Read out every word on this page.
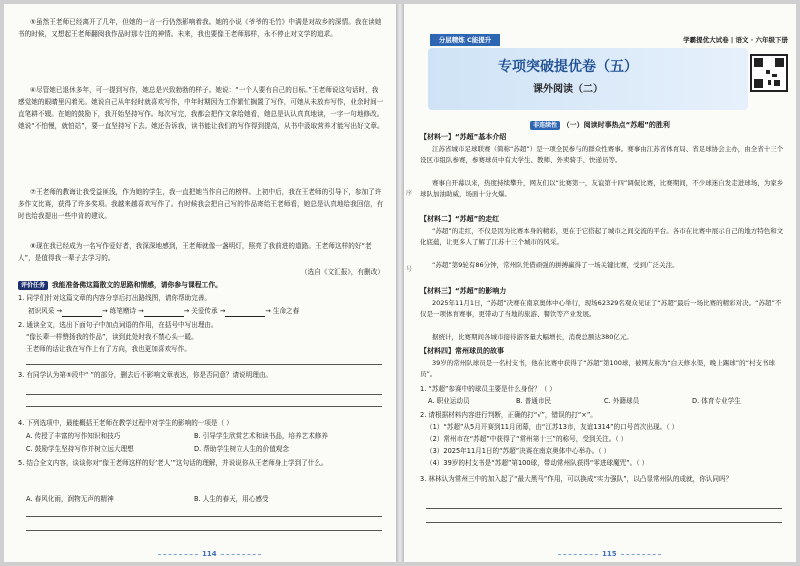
⑤虽然王老师已经离开了几年，但她的一言一行仍然影响着我。她的小说《爷爷的毛竹》中满是对故乡的深情。我在读她书的时候，又想起王老师翻阅我作品时那专注的神情。未来，我也要像王老师那样，永不停止对文学的追求。
⑥尽管她已退休多年，可一提到写作，她总是兴致勃勃的样子。她说：“一个人要有自己的目标。”王老师说这句话时，我感觉她的眼睛里闪着光。她说自己从年轻时就喜欢写作，中年时期因为工作繁忙搁置了写作，可她从未放弃写作，业余时间一直笔耕不辍。在她的鼓励下，我开始坚持写作。每次写完，我都会把作文拿给她看，她总是认认真真地读，一字一句地修改。她说“不怕慢，就怕站”，要一直坚持写下去。她还告诉我，读书能让我们的写作得到提高，从书中汲取营养才能写出好文章。
⑦王老师的教诲让我受益匪浅，作为她的学生，我一直把她当作自己的榜样。上初中后，我在王老师的引导下，参加了许多作文比赛，获得了许多奖项。我越来越喜欢写作了。有时候我会把自己写的作品寄给王老师看，她总是认真地给我回信，有时也给我提出一些中肯的建议。
⑧现在我已经成为一名写作爱好者，我深深地感到，王老师就像一盏明灯，照亮了我前进的道路。王老师这样的好“老人”，是值得我一辈子去学习的。
（选自《文汇报》，有删改）
评价任务 我能准备佛这篇散文的思路和情感，请你参与课程工作。
1. 同学们针对这篇文章的内容分享后打出路线图，请你帮助完善。
初识风采 →	→ 练笔赠诗 →	→ 关爱传承 →	→ 生命之春
2. 通读全文，选出下面句子中加点词语的作用，在括号中写出理由。
“像长辈一样赞扬我的作品”，读到此处时我不禁心头一暖。
王老师的话让我在写作上有了方向，我也更加喜欢写作。
3. 有同学认为第⑤段中“ ”的部分，删去后不影响文章表达，你是否同意？请说明理由。
4. 下列选项中，最能概括王老师在教学过程中对学生的影响的一项是（ ）
A. 传授了丰富的写作知识和技巧	B. 引导学生欣赏艺术和读书品，培养艺术修养
C. 鼓励学生坚持写作并树立远大理想	D. 帮助学生树立人生的价值观念
5. 结合全文内容，谈谈你对“像王老师这样的好‘老人’”这句话的理解，并说说你从王老师身上学到了什么。
A. 春风化雨，润物无声的精神	B. 人生的春天，用心感受
114
序
号
分层精炼 C能提升	学霸提优大试卷 | 语文 · 六年级下册
专项突破提优卷（五）
课外阅读（二）
非连续性 （一）阅读时事热点“苏超”的胜利
【材料一】“苏超”基本介绍
江苏省城市足球联赛（简称“苏超”）是一项全民参与的群众性赛事。赛事由江苏省体育局、省足球协会主办，由全省十三个设区市组队参赛，参赛球员中有大学生、教师、外卖骑手、快递员等。
赛事自开幕以来，热度持续攀升，网友们以“比赛第一，友谊第十四”调侃比赛，比赛期间，不少球迷自发走进球场，为家乡球队加油助威，场面十分火爆。
【材料二】“苏超”的走红
“苏超”的走红，不仅是因为比赛本身的精彩，更在于它搭起了城市之间交流的平台。各市在比赛中展示自己的地方特色和文化底蕴，让更多人了解了江苏十三个城市的风采。
“苏超”第9轮有86分钟，常州队凭借顽强的拼搏赢得了一场关键比赛，受到广泛关注。
【材料三】“苏超”的影响力
2025年11月1日，“苏超”决赛在南京奥体中心举行，现场62329名观众见证了“苏超”最后一场比赛的精彩对决。“苏超”不仅是一项体育赛事，更带动了当地的旅游、餐饮等产业发展。
据统计，比赛期间各城市接待游客量大幅增长，消费总额达380亿元。
【材料四】常州球员的故事
39岁的常州队球员是一名村支书，他在比赛中获得了“苏超”第100球，被网友称为“白天修水渠，晚上踢球”的“村支书球员”。
1. “苏超”参赛中的球员主要是什么身份？（ ）
A. 职业运动员	B. 普通市民	C. 外籍球员	D. 体育专业学生
2. 请根据材料内容进行判断，正确的打“√”，错误的打“×”。
（1）“苏超”从5月开赛到11月闭幕，由“江苏13市，友谊1314”的口号首次出现。（ ）
（2）常州市在“苏超”中获得了“常州第十三”的称号，受到关注。（ ）
（3）2025年11月1日的“苏超”决赛在南京奥体中心举办。（ ）
（4）39岁的村支书是“苏超”第100球，带动常州队获得“零进球魔咒”。（ ）
3. 林林认为常州三中的加入起了“最大黑马”作用，可以换成“实力强队”，以凸显常州队的成就，你认同吗？
115
